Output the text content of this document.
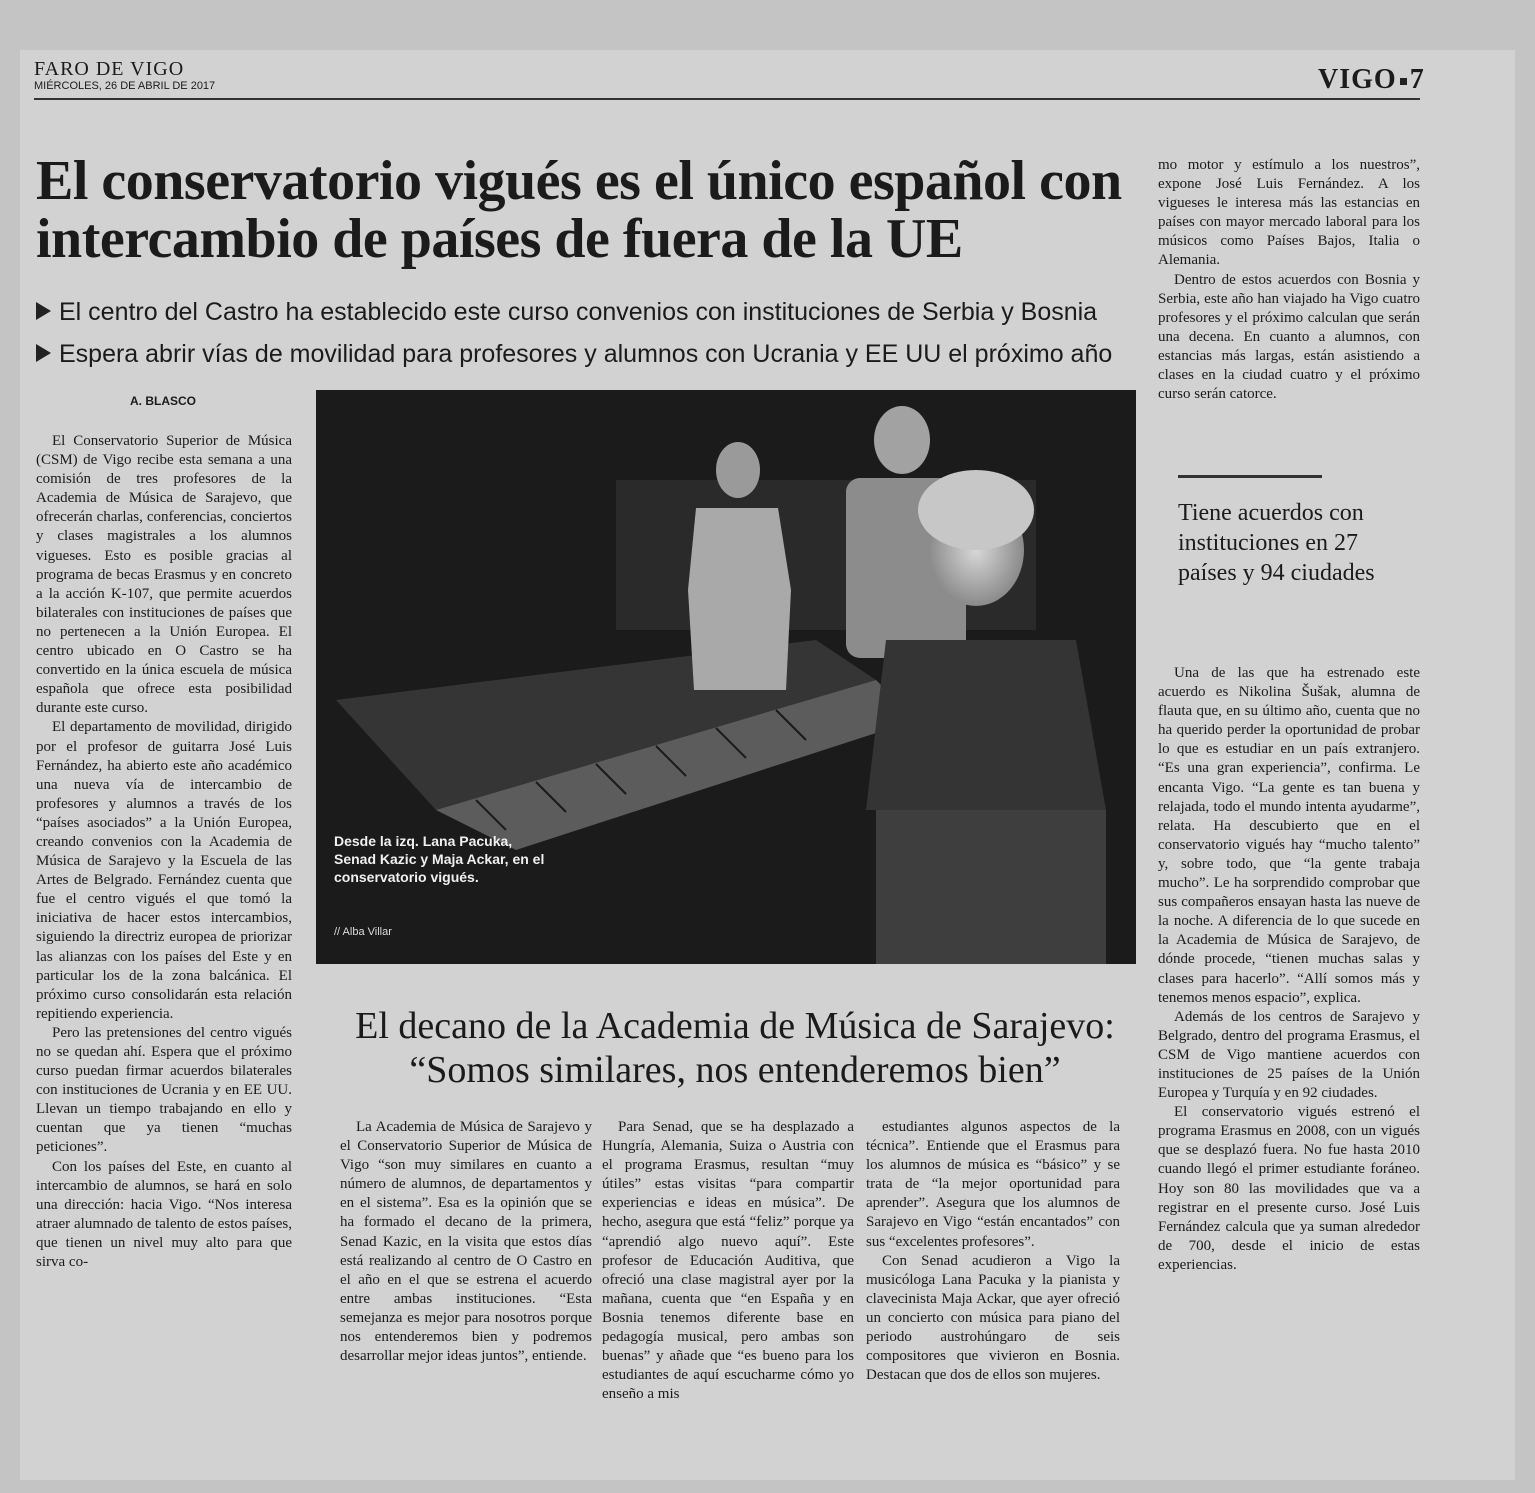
FARO DE VIGO
MIÉRCOLES, 26 DE ABRIL DE 2017	VIGO 7
El conservatorio vigués es el único español con intercambio de países de fuera de la UE
El centro del Castro ha establecido este curso convenios con instituciones de Serbia y Bosnia
Espera abrir vías de movilidad para profesores y alumnos con Ucrania y EE UU el próximo año
A. BLASCO

El Conservatorio Superior de Música (CSM) de Vigo recibe esta semana a una comisión de tres profesores de la Academia de Música de Sarajevo, que ofrecerán charlas, conferencias, conciertos y clases magistrales a los alumnos vigueses. Esto es posible gracias al programa de becas Erasmus y en concreto a la acción K-107, que permite acuerdos bilaterales con instituciones de países que no pertenecen a la Unión Europea. El centro ubicado en O Castro se ha convertido en la única escuela de música española que ofrece esta posibilidad durante este curso.

El departamento de movilidad, dirigido por el profesor de guitarra José Luis Fernández, ha abierto este año académico una nueva vía de intercambio de profesores y alumnos a través de los “países asociados” a la Unión Europea, creando convenios con la Academia de Música de Sarajevo y la Escuela de las Artes de Belgrado. Fernández cuenta que fue el centro vigués el que tomó la iniciativa de hacer estos intercambios, siguiendo la directriz europea de priorizar las alianzas con los países del Este y en particular los de la zona balcánica. El próximo curso consolidarán esta relación repitiendo experiencia.

Pero las pretensiones del centro vigués no se quedan ahí. Espera que el próximo curso puedan firmar acuerdos bilaterales con instituciones de Ucrania y en EE UU. Llevan un tiempo trabajando en ello y cuentan que ya tienen “muchas peticiones”.

Con los países del Este, en cuanto al intercambio de alumnos, se hará en solo una dirección: hacia Vigo. “Nos interesa atraer alumnado de talento de estos países, que tienen un nivel muy alto para que sirva co-

Desde la izq. Lana Pacuka, Senad Kazic y Maja Ackar, en el conservatorio vigués.
// Alba Villar
El decano de la Academia de Música de Sarajevo:
“Somos similares, nos entenderemos bien”

La Academia de Música de Sarajevo y el Conservatorio Superior de Música de Vigo “son muy similares en cuanto a número de alumnos, de departamentos y en el sistema”. Esa es la opinión que se ha formado el decano de la primera, Senad Kazic, en la visita que estos días está realizando al centro de O Castro en el año en el que se estrena el acuerdo entre ambas instituciones. “Esta semejanza es mejor para nosotros porque nos entenderemos bien y podremos desarrollar mejor ideas juntos”, entiende.

Para Senad, que se ha desplazado a Hungría, Alemania, Suiza o Austria con el programa Erasmus, resultan “muy útiles” estas visitas “para compartir experiencias e ideas en música”. De hecho, asegura que está “feliz” porque ya “aprendió algo nuevo aquí”. Este profesor de Educación Auditiva, que ofreció una clase magistral ayer por la mañana, cuenta que “en España y en Bosnia tenemos diferente base en pedagogía musical, pero ambas son buenas” y añade que “es bueno para los estudiantes de aquí escucharme cómo yo enseño a mis

estudiantes algunos aspectos de la técnica”. Entiende que el Erasmus para los alumnos de música es “básico” y se trata de “la mejor oportunidad para aprender”. Asegura que los alumnos de Sarajevo en Vigo “están encantados” con sus “excelentes profesores”.

Con Senad acudieron a Vigo la musicóloga Lana Pacuka y la pianista y clavecinista Maja Ackar, que ayer ofreció un concierto con música para piano del periodo austrohúngaro de seis compositores que vivieron en Bosnia. Destacan que dos de ellos son mujeres.

mo motor y estímulo a los nuestros”, expone José Luis Fernández. A los vigueses le interesa más las estancias en países con mayor mercado laboral para los músicos como Países Bajos, Italia o Alemania.

Dentro de estos acuerdos con Bosnia y Serbia, este año han viajado ha Vigo cuatro profesores y el próximo calculan que serán una decena. En cuanto a alumnos, con estancias más largas, están asistiendo a clases en la ciudad cuatro y el próximo curso serán catorce.

Tiene acuerdos con instituciones en 27 países y 94 ciudades

Una de las que ha estrenado este acuerdo es Nikolina Šušak, alumna de flauta que, en su último año, cuenta que no ha querido perder la oportunidad de probar lo que es estudiar en un país extranjero. “Es una gran experiencia”, confirma. Le encanta Vigo. “La gente es tan buena y relajada, todo el mundo intenta ayudarme”, relata. Ha descubierto que en el conservatorio vigués hay “mucho talento” y, sobre todo, que “la gente trabaja mucho”. Le ha sorprendido comprobar que sus compañeros ensayan hasta las nueve de la noche. A diferencia de lo que sucede en la Academia de Música de Sarajevo, de dónde procede, “tienen muchas salas y clases para hacerlo”. “Allí somos más y tenemos menos espacio”, explica.

Además de los centros de Sarajevo y Belgrado, dentro del programa Erasmus, el CSM de Vigo mantiene acuerdos con instituciones de 25 países de la Unión Europea y Turquía y en 92 ciudades.

El conservatorio vigués estrenó el programa Erasmus en 2008, con un vigués que se desplazó fuera. No fue hasta 2010 cuando llegó el primer estudiante foráneo. Hoy son 80 las movilidades que va a registrar en el presente curso. José Luis Fernández calcula que ya suman alrededor de 700, desde el inicio de estas experiencias.
